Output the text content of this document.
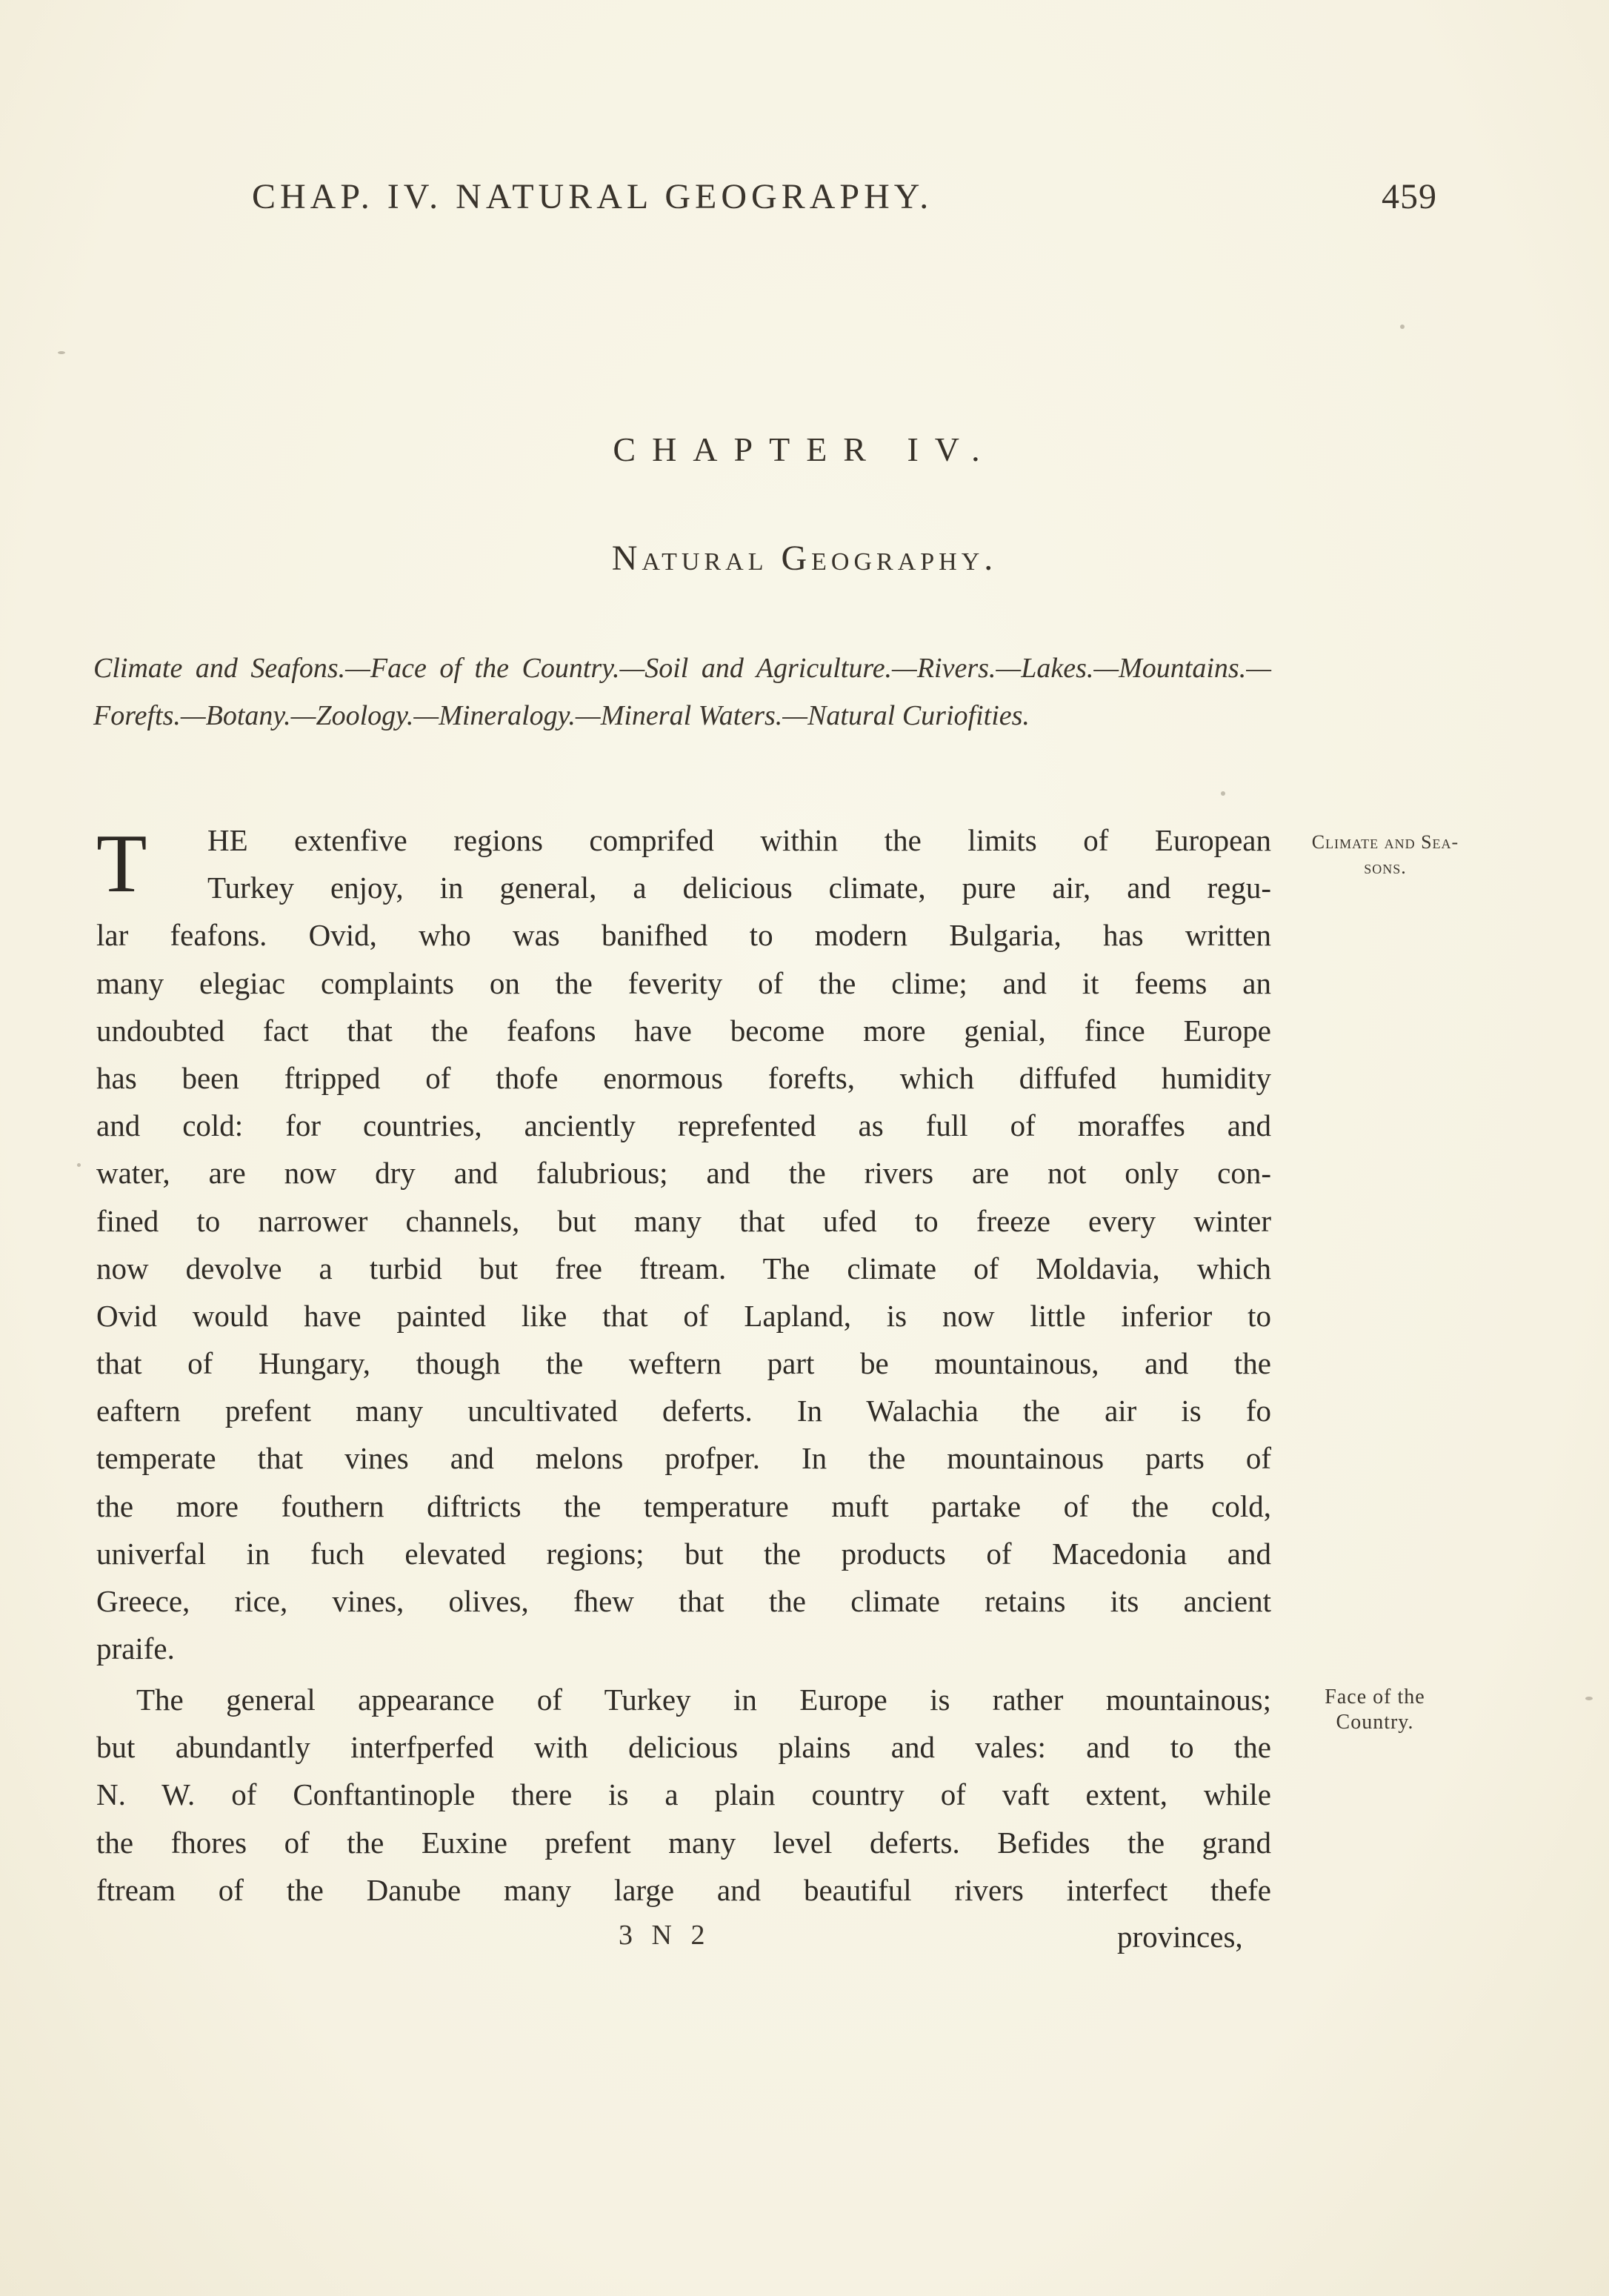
CHAP. IV. NATURAL GEOGRAPHY.	459
CHAPTER IV.
Natural Geography.
Climate and Seafons.—Face of the Country.—Soil and Agriculture.—Rivers.—Lakes.—Mountains.—Forefts.—Botany.—Zoology.—Mineralogy.—Mineral Waters.—Natural Curiofities.
T	HE extenfive regions comprifed within the limits of European
Turkey enjoy, in general, a delicious climate, pure air, and regu-
lar feafons. Ovid, who was banifhed to modern Bulgaria, has written
many elegiac complaints on the feverity of the clime; and it feems an
undoubted fact that the feafons have become more genial, fince Europe
has been ftripped of thofe enormous forefts, which diffufed humidity
and cold: for countries, anciently reprefented as full of moraffes and
water, are now dry and falubrious; and the rivers are not only con-
fined to narrower channels, but many that ufed to freeze every winter
now devolve a turbid but free ftream. The climate of Moldavia, which
Ovid would have painted like that of Lapland, is now little inferior to
that of Hungary, though the weftern part be mountainous, and the
eaftern prefent many uncultivated deferts. In Walachia the air is fo
temperate that vines and melons profper. In the mountainous parts of
the more fouthern diftricts the temperature muft partake of the cold,
univerfal in fuch elevated regions; but the products of Macedonia and
Greece, rice, vines, olives, fhew that the climate retains its ancient
praife.
Climate and Sea-sons.
The general appearance of Turkey in Europe is rather mountainous;
but abundantly interfperfed with delicious plains and vales: and to the
N. W. of Conftantinople there is a plain country of vaft extent, while
the fhores of the Euxine prefent many level deferts. Befides the grand
ftream of the Danube many large and beautiful rivers interfect thefe
Face of the Country.
3 N 2	provinces,
